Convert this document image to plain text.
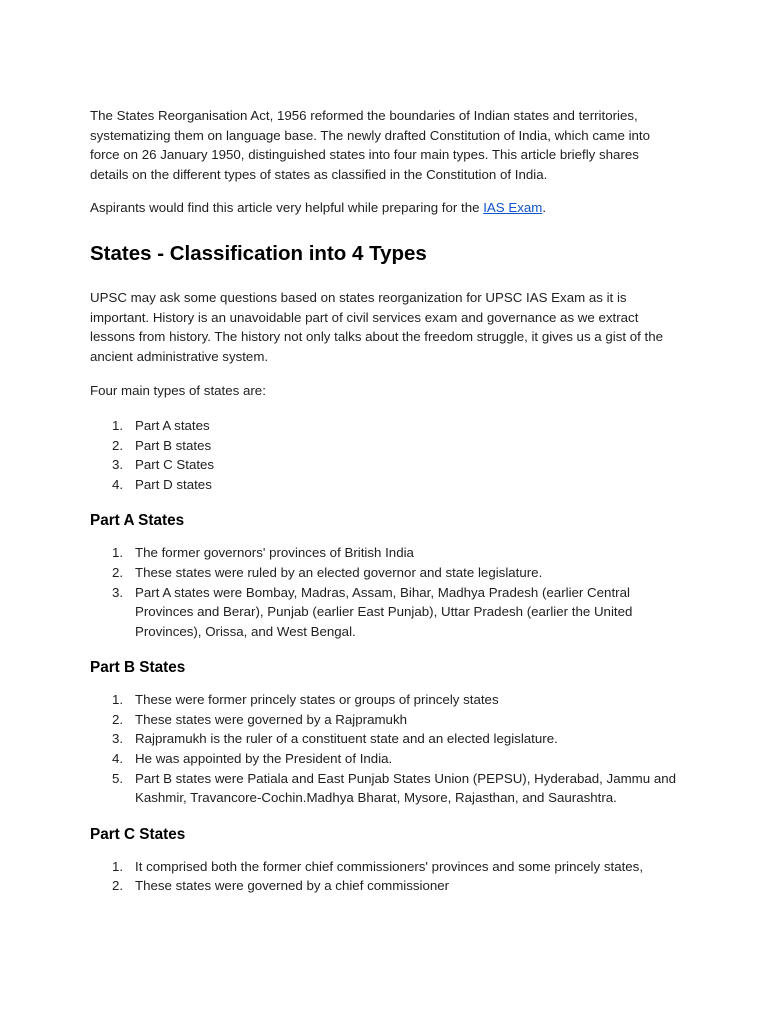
The States Reorganisation Act, 1956 reformed the boundaries of Indian states and territories, systematizing them on language base. The newly drafted Constitution of India, which came into force on 26 January 1950, distinguished states into four main types. This article briefly shares details on the different types of states as classified in the Constitution of India.

Aspirants would find this article very helpful while preparing for the IAS Exam.

States - Classification into 4 Types

UPSC may ask some questions based on states reorganization for UPSC IAS Exam as it is important. History is an unavoidable part of civil services exam and governance as we extract lessons from history. The history not only talks about the freedom struggle, it gives us a gist of the ancient administrative system.

Four main types of states are:

1. Part A states
2. Part B states
3. Part C States
4. Part D states
Part A States
1. The former governors' provinces of British India
2. These states were ruled by an elected governor and state legislature.
3. Part A states were Bombay, Madras, Assam, Bihar, Madhya Pradesh (earlier Central Provinces and Berar), Punjab (earlier East Punjab), Uttar Pradesh (earlier the United Provinces), Orissa, and West Bengal.
Part B States
1. These were former princely states or groups of princely states
2. These states were governed by a Rajpramukh
3. Rajpramukh is the ruler of a constituent state and an elected legislature.
4. He was appointed by the President of India.
5. Part B states were Patiala and East Punjab States Union (PEPSU), Hyderabad, Jammu and Kashmir, Travancore-Cochin.Madhya Bharat, Mysore, Rajasthan, and Saurashtra.
Part C States
1. It comprised both the former chief commissioners' provinces and some princely states,
2. These states were governed by a chief commissioner
